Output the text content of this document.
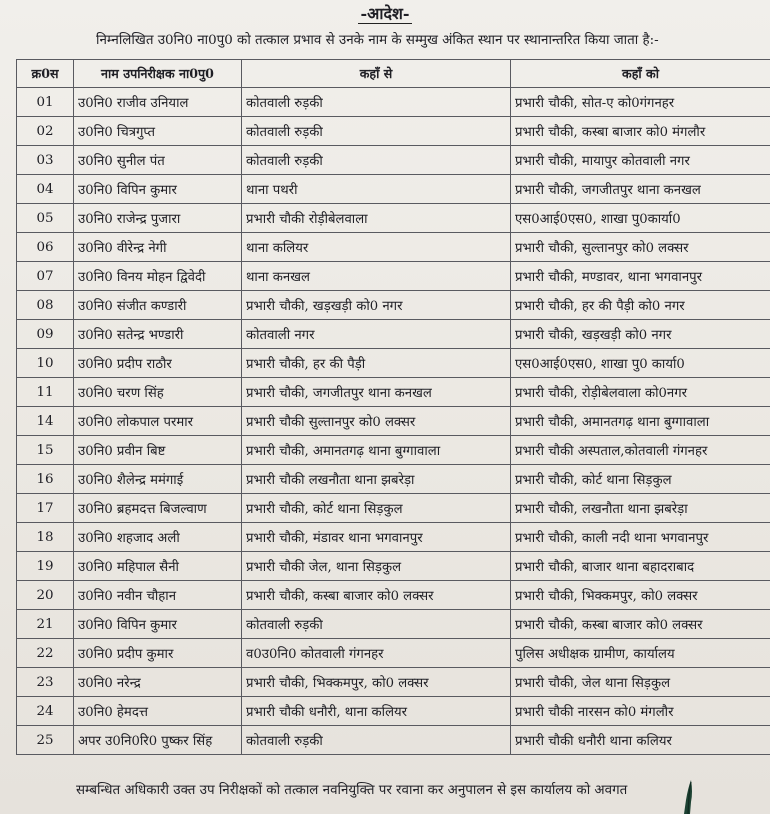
-आदेश-
निम्नलिखित उ0नि0 ना0पु0 को तत्काल प्रभाव से उनके नाम के सम्मुख अंकित स्थान पर स्थानान्तरित किया जाता है:-
क्र0स	नाम उपनिरीक्षक ना0पु0	कहाँ से	कहाँ को
01	उ0नि0 राजीव उनियाल	कोतवाली रुड़की	प्रभारी चौकी, सोत-ए को0गंगनहर
02	उ0नि0 चित्रगुप्त	कोतवाली रुड़की	प्रभारी चौकी, कस्बा बाजार को0 मंगलौर
03	उ0नि0 सुनील पंत	कोतवाली रुड़की	प्रभारी चौकी, मायापुर कोतवाली नगर
04	उ0नि0 विपिन कुमार	थाना पथरी	प्रभारी चौकी, जगजीतपुर थाना कनखल
05	उ0नि0 राजेन्द्र पुजारा	प्रभारी चौकी रोड़ीबेलवाला	एस0आई0एस0, शाखा पु0कार्या0
06	उ0नि0 वीरेन्द्र नेगी	थाना कलियर	प्रभारी चौकी, सुल्तानपुर को0 लक्सर
07	उ0नि0 विनय मोहन द्विवेदी	थाना कनखल	प्रभारी चौकी, मण्डावर, थाना भगवानपुर
08	उ0नि0 संजीत कण्डारी	प्रभारी चौकी, खड़खड़ी को0 नगर	प्रभारी चौकी, हर की पैड़ी को0 नगर
09	उ0नि0 सतेन्द्र भण्डारी	कोतवाली नगर	प्रभारी चौकी, खड़खड़ी को0 नगर
10	उ0नि0 प्रदीप राठौर	प्रभारी चौकी, हर की पैड़ी	एस0आई0एस0, शाखा पु0 कार्या0
11	उ0नि0 चरण सिंह	प्रभारी चौकी, जगजीतपुर थाना कनखल	प्रभारी चौकी, रोड़ीबेलवाला को0नगर
14	उ0नि0 लोकपाल परमार	प्रभारी चौकी सुल्तानपुर को0 लक्सर	प्रभारी चौकी, अमानतगढ़ थाना बुग्गावाला
15	उ0नि0 प्रवीन बिष्ट	प्रभारी चौकी, अमानतगढ़ थाना बुग्गावाला	प्रभारी चौकी अस्पताल,कोतवाली गंगनहर
16	उ0नि0 शैलेन्द्र ममंगाई	प्रभारी चौकी लखनौता थाना झबरेड़ा	प्रभारी चौकी, कोर्ट थाना सिड़कुल
17	उ0नि0 ब्रहमदत्त बिजल्वाण	प्रभारी चौकी, कोर्ट थाना सिड़कुल	प्रभारी चौकी, लखनौता थाना झबरेड़ा
18	उ0नि0 शहजाद अली	प्रभारी चौकी, मंडावर थाना भगवानपुर	प्रभारी चौकी, काली नदी थाना भगवानपुर
19	उ0नि0 महिपाल सैनी	प्रभारी चौकी जेल, थाना सिड़कुल	प्रभारी चौकी, बाजार थाना बहादराबाद
20	उ0नि0 नवीन चौहान	प्रभारी चौकी, कस्बा बाजार को0 लक्सर	प्रभारी चौकी, भिक्कमपुर, को0 लक्सर
21	उ0नि0 विपिन कुमार	कोतवाली रुड़की	प्रभारी चौकी, कस्बा बाजार को0 लक्सर
22	उ0नि0 प्रदीप कुमार	व0उ0नि0 कोतवाली गंगनहर	पुलिस अधीक्षक ग्रामीण, कार्यालय
23	उ0नि0 नरेन्द्र	प्रभारी चौकी, भिक्कमपुर, को0 लक्सर	प्रभारी चौकी, जेल थाना सिड़कुल
24	उ0नि0 हेमदत्त	प्रभारी चौकी धनौरी, थाना कलियर	प्रभारी चौकी नारसन को0 मंगलौर
25	अपर उ0नि0रि0 पुष्कर सिंह	कोतवाली रुड़की	प्रभारी चौकी धनौरी थाना कलियर
सम्बन्धित अधिकारी उक्त उप निरीक्षकों को तत्काल नवनियुक्ति पर रवाना कर अनुपालन से इस कार्यालय को अवगत
